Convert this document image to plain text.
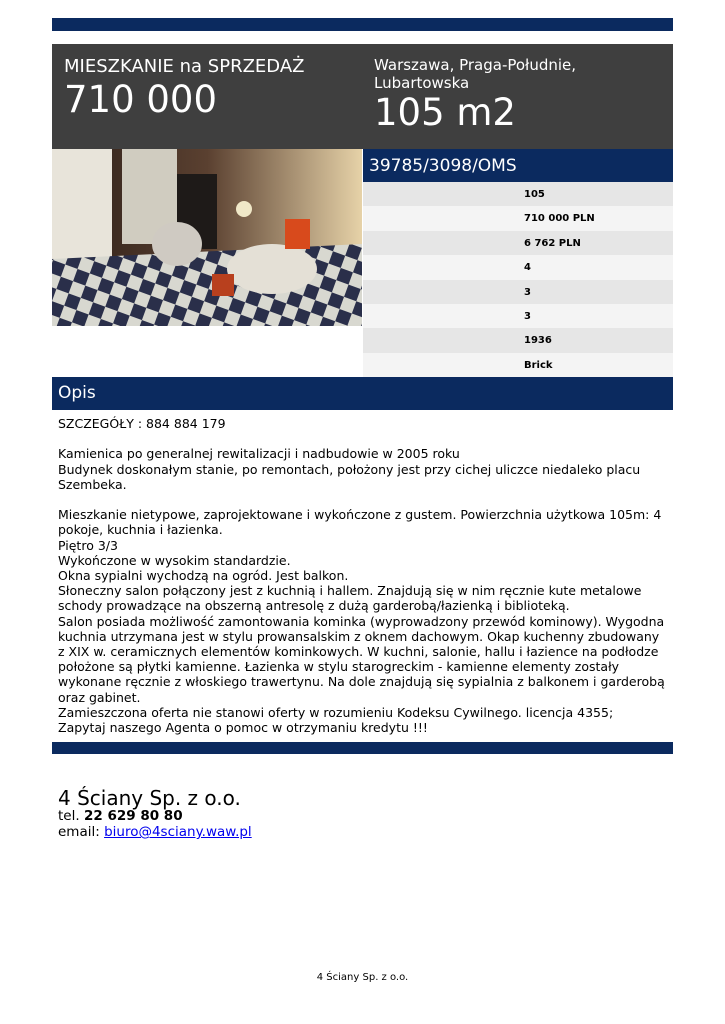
MIESZKANIE na SPRZEDAŻ
710 000
Warszawa, Praga-Południe, Lubartowska
105 m2
39785/3098/OMS
105
710 000 PLN
6 762 PLN
4
3
3
1936
Brick
Opis

SZCZEGÓŁY : 884 884 179

Kamienica po generalnej rewitalizacji i nadbudowie w 2005 roku

Budynek doskonałym stanie, po remontach, położony jest przy cichej uliczce niedaleko placu Szembeka.

Mieszkanie nietypowe, zaprojektowane i wykończone z gustem. Powierzchnia użytkowa 105m: 4 pokoje, kuchnia i łazienka.

Piętro 3/3

Wykończone w wysokim standardzie.

Okna sypialni wychodzą na ogród. Jest balkon.

Słoneczny salon połączony jest z kuchnią i hallem. Znajdują się w nim ręcznie kute metalowe schody prowadzące na obszerną antresolę z dużą garderobą/łazienką i biblioteką.

Salon posiada możliwość zamontowania kominka (wyprowadzony przewód kominowy). Wygodna kuchnia utrzymana jest w stylu prowansalskim z oknem dachowym. Okap kuchenny zbudowany z XIX w. ceramicznych elementów kominkowych. W kuchni, salonie, hallu i łazience na podłodze położone są płytki kamienne. Łazienka w stylu starogreckim - kamienne elementy zostały wykonane ręcznie z włoskiego trawertynu. Na dole znajdują się sypialnia z balkonem i garderobą oraz gabinet.

Zamieszczona oferta nie stanowi oferty w rozumieniu Kodeksu Cywilnego. licencja 4355;

Zapytaj naszego Agenta o pomoc w otrzymaniu kredytu !!!

4 Ściany Sp. z o.o.
tel. 22 629 80 80
email: biuro@4sciany.waw.pl
4 Ściany Sp. z o.o.
